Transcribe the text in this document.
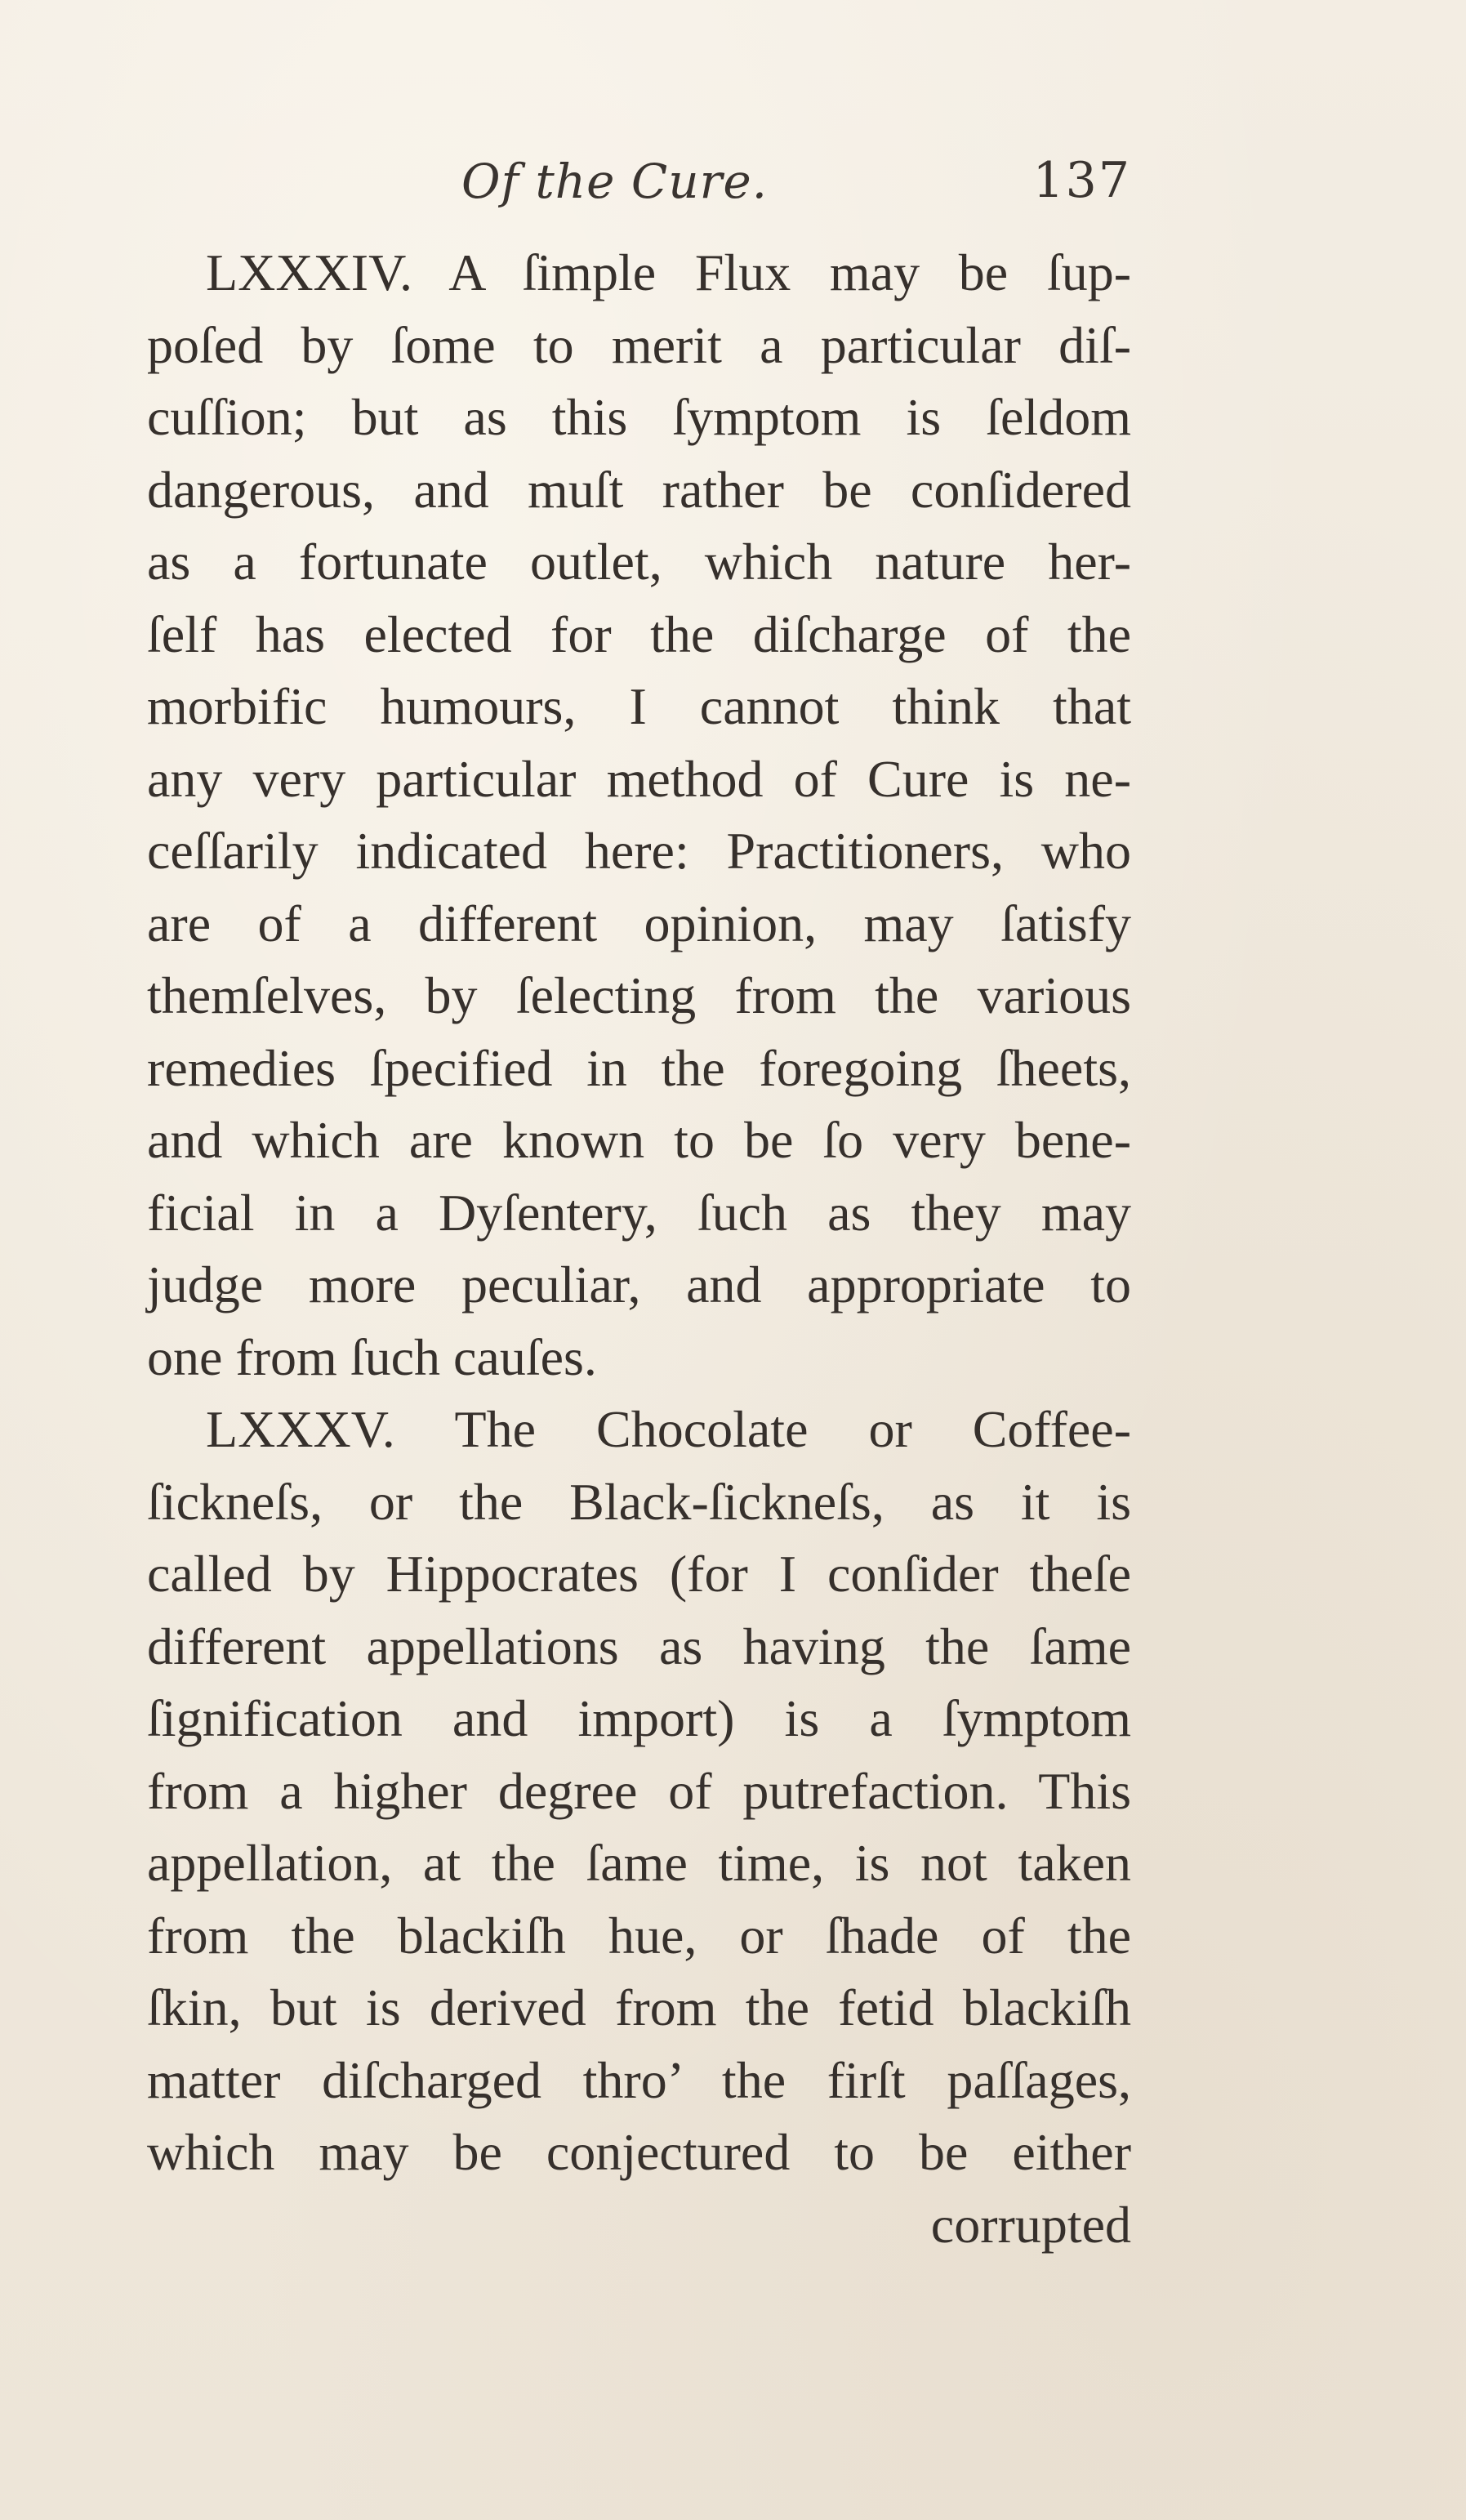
Of the Cure.	137
LXXXIV. A ſimple Flux may be ſup-
poſed by ſome to merit a particular diſ-
cuſſion; but as this ſymptom is ſeldom
dangerous, and muſt rather be conſidered
as a fortunate outlet, which nature her-
ſelf has elected for the diſcharge of the
morbific humours, I cannot think that
any very particular method of Cure is ne-
ceſſarily indicated here: Practitioners, who
are of a different opinion, may ſatisfy
themſelves, by ſelecting from the various
remedies ſpecified in the foregoing ſheets,
and which are known to be ſo very bene-
ficial in a Dyſentery, ſuch as they may
judge more peculiar, and appropriate to
one from ſuch cauſes.
LXXXV. The Chocolate or Coffee-
ſickneſs, or the Black-ſickneſs, as it is
called by Hippocrates (for I conſider theſe
different appellations as having the ſame
ſignification and import) is a ſymptom
from a higher degree of putrefaction. This
appellation, at the ſame time, is not taken
from the blackiſh hue, or ſhade of the
ſkin, but is derived from the fetid blackiſh
matter diſcharged thro’ the firſt paſſages,
which may be conjectured to be either
corrupted
